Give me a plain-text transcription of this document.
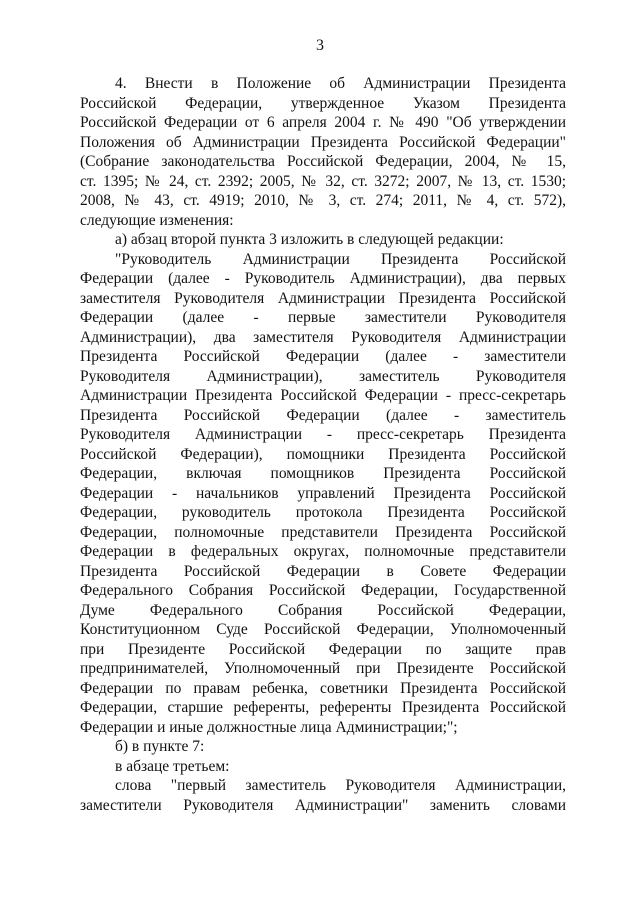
3
4. Внести в Положение об Администрации Президента
Российской Федерации, утвержденное Указом Президента
Российской Федерации от 6 апреля 2004 г. № 490 "Об утверждении
Положения об Администрации Президента Российской Федерации"
(Собрание законодательства Российской Федерации, 2004, № 15,
ст. 1395; № 24, ст. 2392; 2005, № 32, ст. 3272; 2007, № 13, ст. 1530;
2008, № 43, ст. 4919; 2010, № 3, ст. 274; 2011, № 4, ст. 572),
следующие изменения:
а) абзац второй пункта 3 изложить в следующей редакции:
"Руководитель Администрации Президента Российской
Федерации (далее - Руководитель Администрации), два первых
заместителя Руководителя Администрации Президента Российской
Федерации (далее - первые заместители Руководителя
Администрации), два заместителя Руководителя Администрации
Президента Российской Федерации (далее - заместители
Руководителя Администрации), заместитель Руководителя
Администрации Президента Российской Федерации - пресс-секретарь
Президента Российской Федерации (далее - заместитель
Руководителя Администрации - пресс-секретарь Президента
Российской Федерации), помощники Президента Российской
Федерации, включая помощников Президента Российской
Федерации - начальников управлений Президента Российской
Федерации, руководитель протокола Президента Российской
Федерации, полномочные представители Президента Российской
Федерации в федеральных округах, полномочные представители
Президента Российской Федерации в Совете Федерации
Федерального Собрания Российской Федерации, Государственной
Думе Федерального Собрания Российской Федерации,
Конституционном Суде Российской Федерации, Уполномоченный
при Президенте Российской Федерации по защите прав
предпринимателей, Уполномоченный при Президенте Российской
Федерации по правам ребенка, советники Президента Российской
Федерации, старшие референты, референты Президента Российской
Федерации и иные должностные лица Администрации;";
б) в пункте 7:
в абзаце третьем:
слова "первый заместитель Руководителя Администрации,
заместители Руководителя Администрации" заменить словами
